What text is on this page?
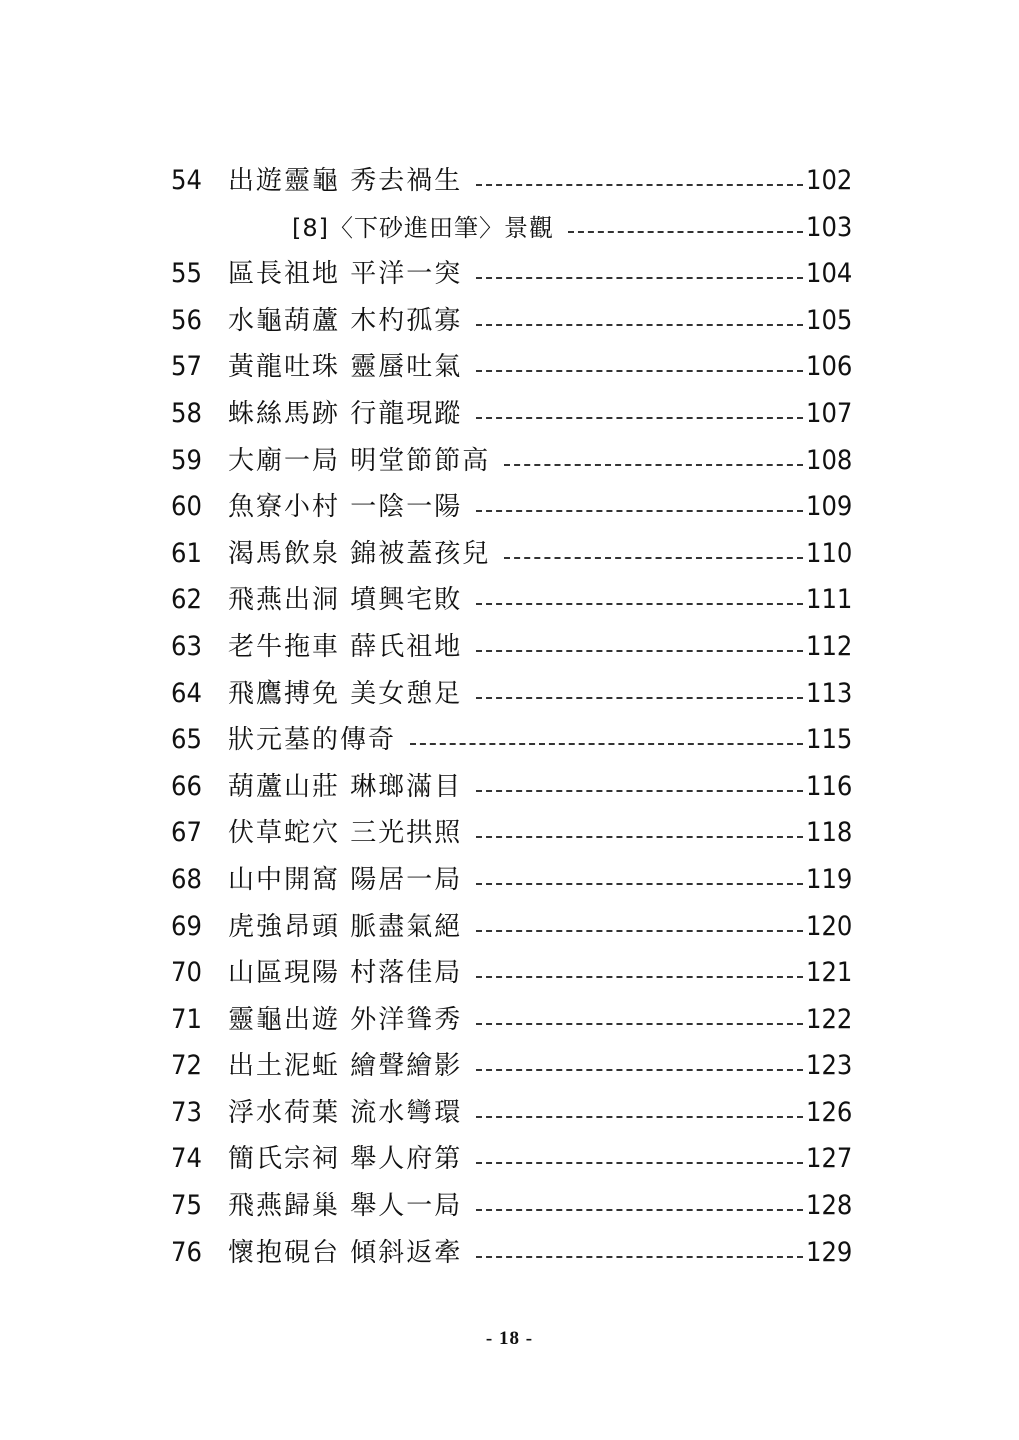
54	出遊靈龜 秀去禍生	102
[8]〈下砂進田筆〉景觀	103
55	區長祖地 平洋一突	104
56	水龜葫蘆 木杓孤寡	105
57	黃龍吐珠 靈蜃吐氣	106
58	蛛絲馬跡 行龍現蹤	107
59	大廟一局 明堂節節高	108
60	魚寮小村 一陰一陽	109
61	渴馬飲泉 錦被蓋孩兒	110
62	飛燕出洞 墳興宅敗	111
63	老牛拖車 薛氏祖地	112
64	飛鷹搏免 美女憩足	113
65	狀元墓的傳奇	115
66	葫蘆山莊 琳瑯滿目	116
67	伏草蛇穴 三光拱照	118
68	山中開窩 陽居一局	119
69	虎強昂頭 脈盡氣絕	120
70	山區現陽 村落佳局	121
71	靈龜出遊 外洋聳秀	122
72	出土泥蚯 繪聲繪影	123
73	浮水荷葉 流水彎環	126
74	簡氏宗祠 舉人府第	127
75	飛燕歸巢 舉人一局	128
76	懷抱硯台 傾斜返牽	129
- 18 -
